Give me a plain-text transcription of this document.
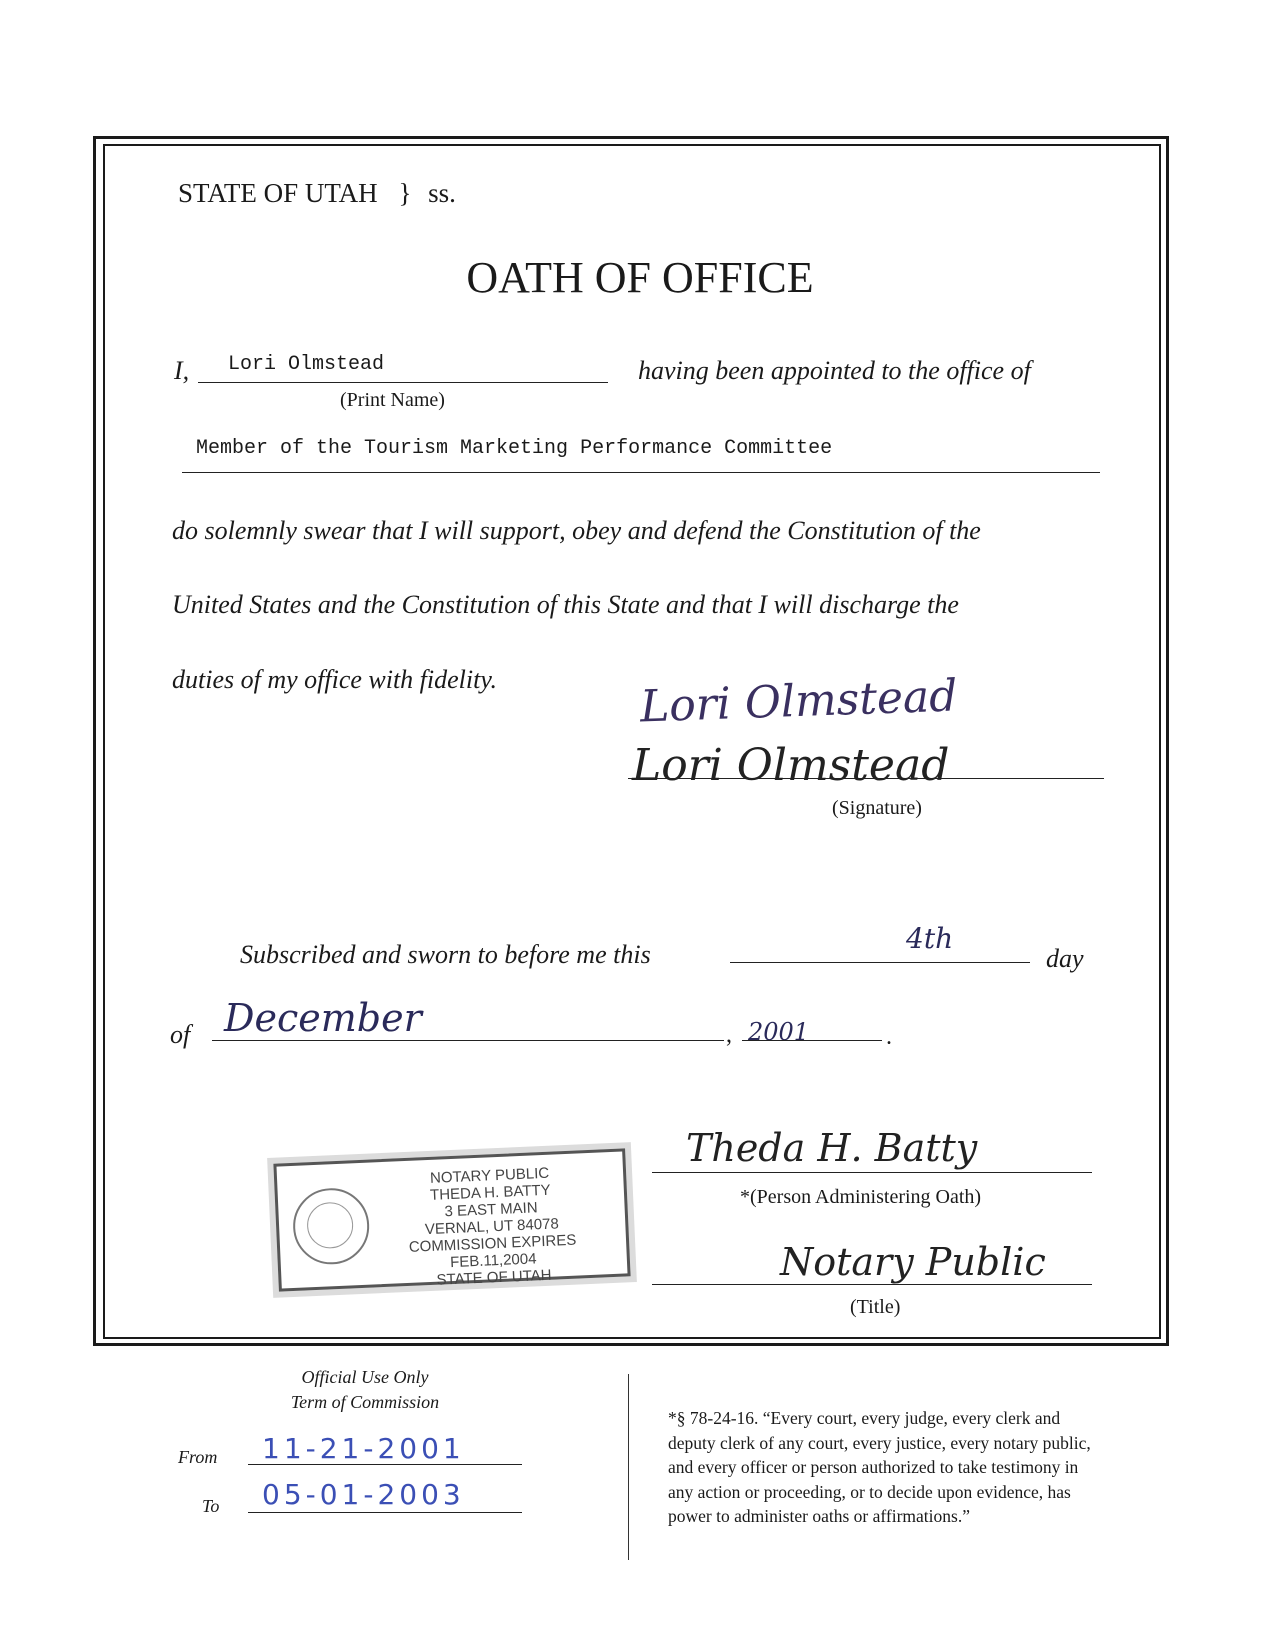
STATE OF UTAH } ss.
OATH OF OFFICE
I, Lori Olmstead
(Print Name)
having been appointed to the office of
Member of the Tourism Marketing Performance Committee
do solemnly swear that I will support, obey and defend the Constitution of the
United States and the Constitution of this State and that I will discharge the
duties of my office with fidelity.	Lori Olmstead
Lori Olmstead
(Signature)
Subscribed and sworn to before me this	4th
day
of December	, 2001	.
NOTARY PUBLIC
THEDA H. BATTY
3 EAST MAIN
VERNAL, UT 84078
COMMISSION EXPIRES FEB.11,2004
STATE OF UTAH
Theda H. Batty
*(Person Administering Oath)
Notary Public
(Title)
Official Use Only
Term of Commission
From 11-21-2001
To 05-01-2003
*§ 78-24-16. “Every court, every judge, every clerk and
deputy clerk of any court, every justice, every notary public,
and every officer or person authorized to take testimony in
any action or proceeding, or to decide upon evidence, has
power to administer oaths or affirmations.”
